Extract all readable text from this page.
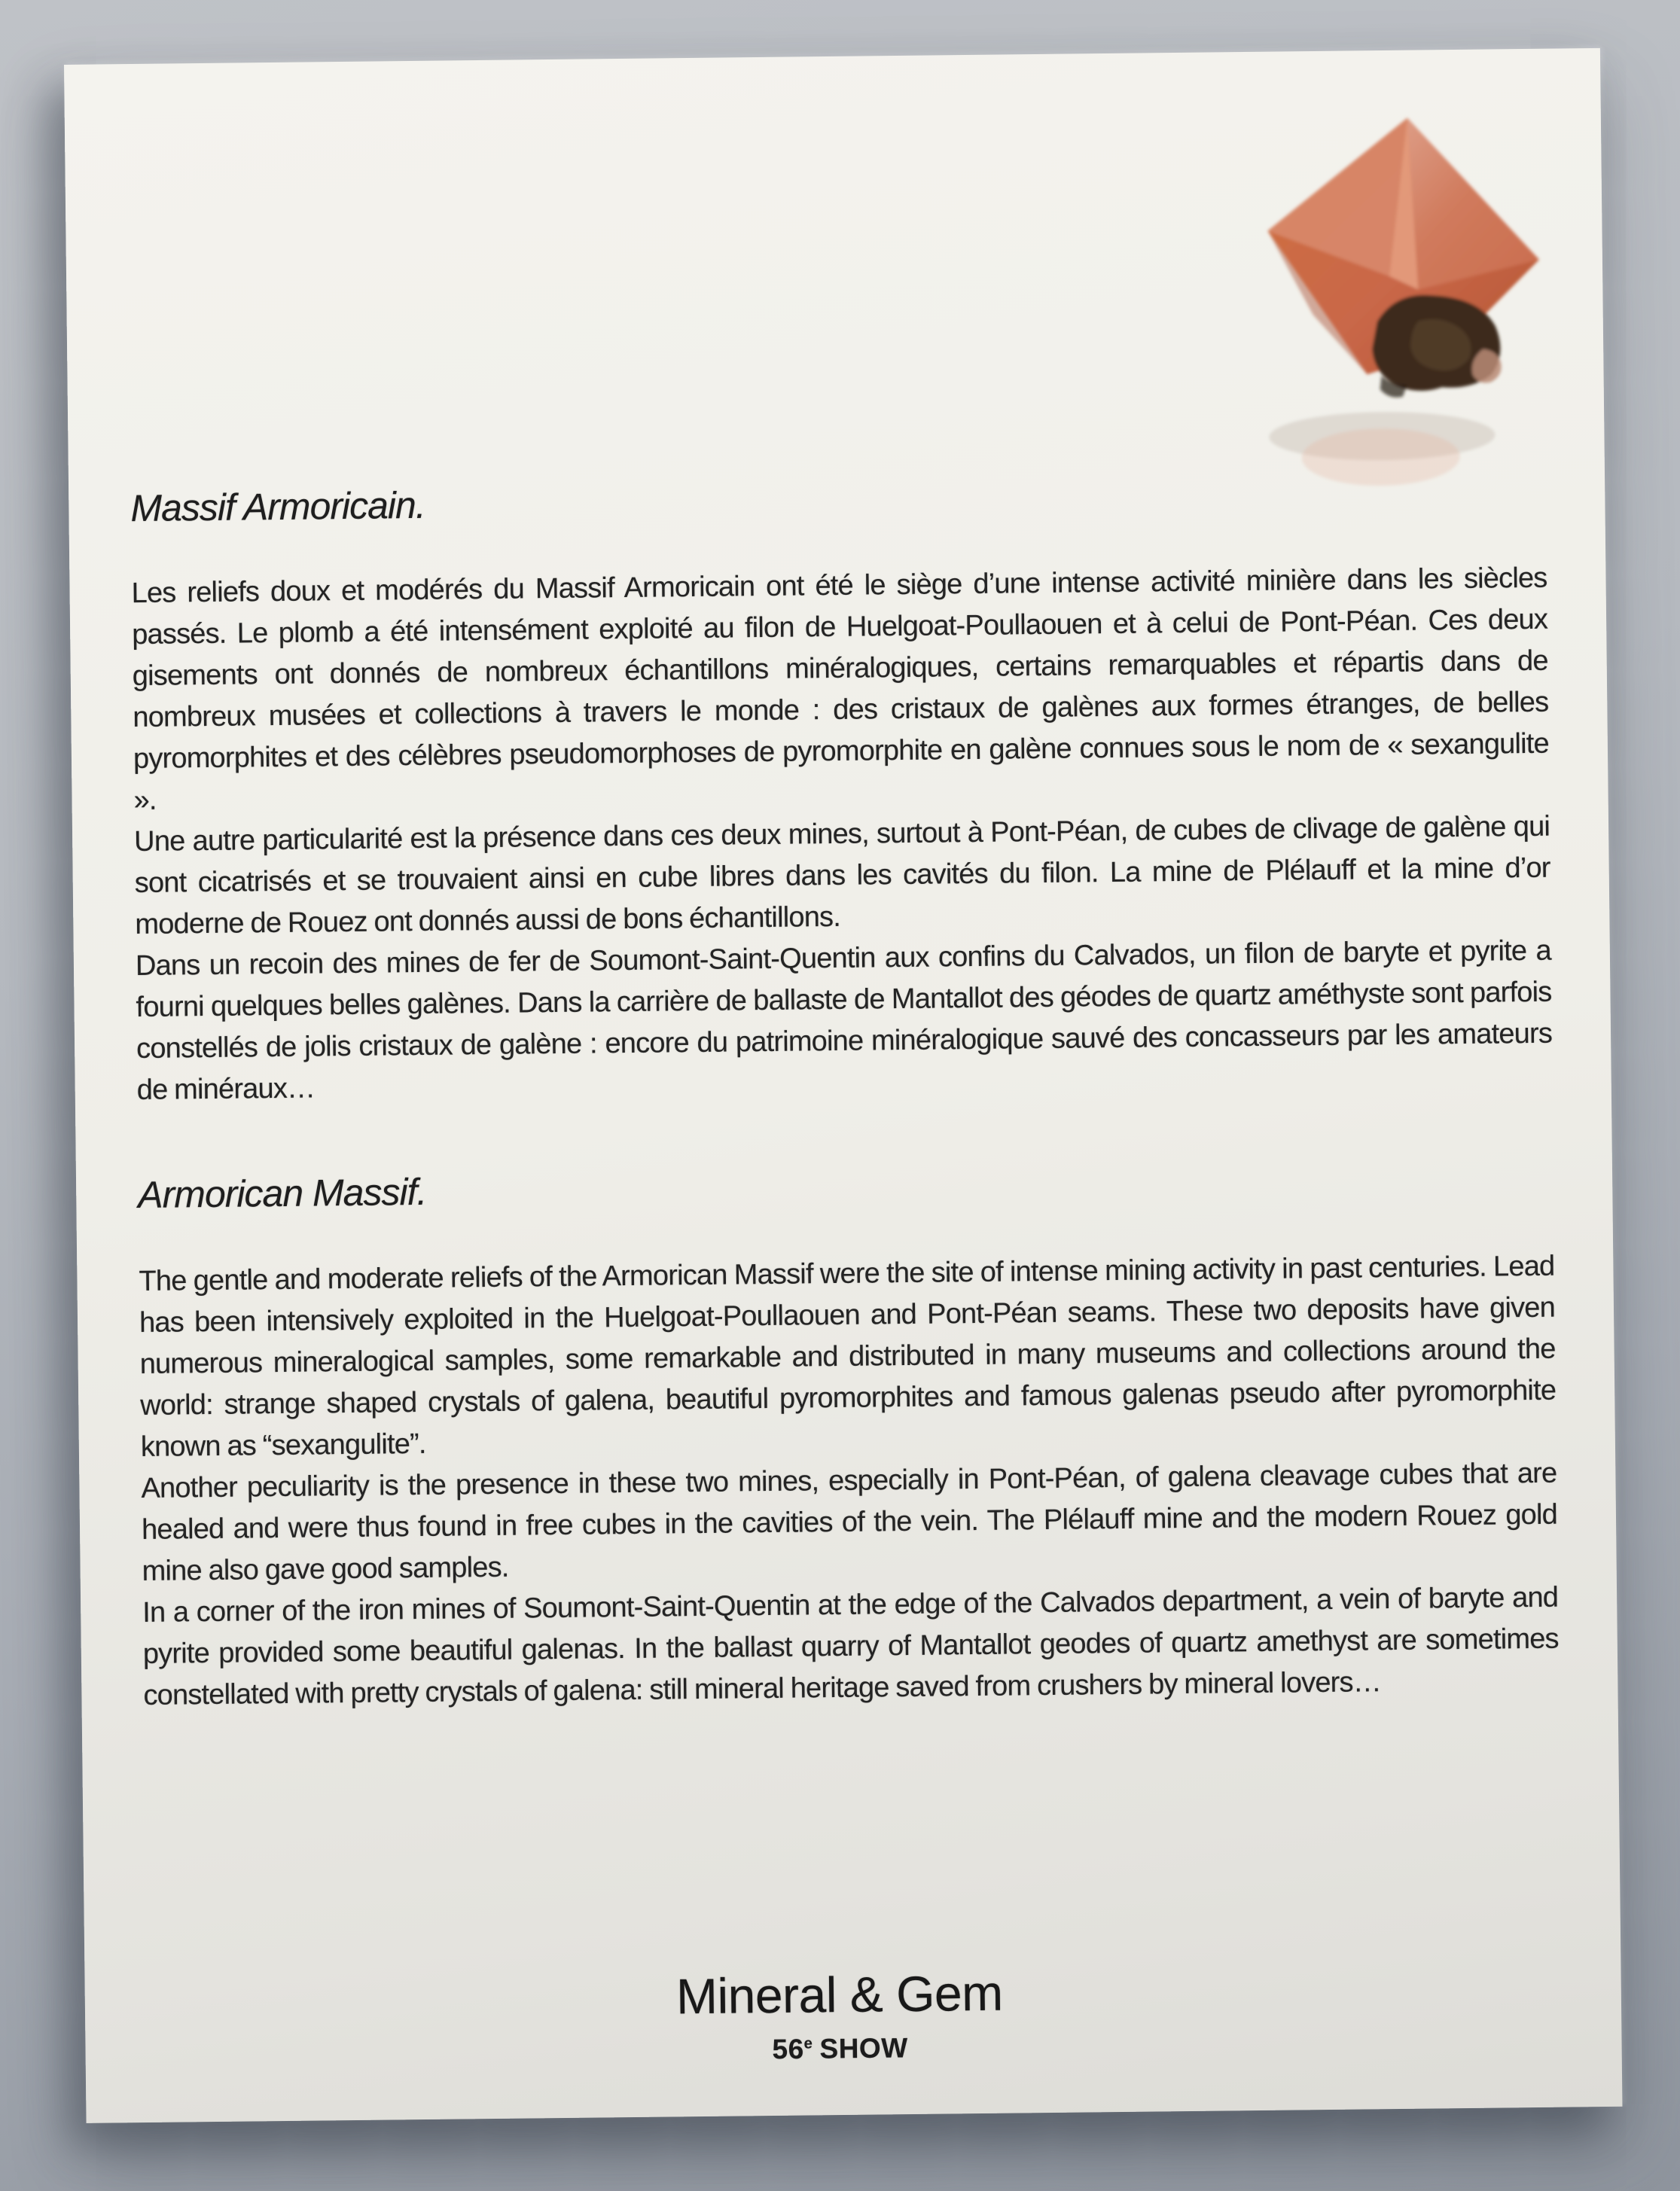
Massif Armoricain.

Les reliefs doux et modérés du Massif Armoricain ont été le siège d’une intense activité minière dans les siècles passés. Le plomb a été intensément exploité au filon de Huelgoat-Poullaouen et à celui de Pont-Péan. Ces deux gisements ont donnés de nombreux échantillons minéralogiques, certains remarquables et répartis dans de nombreux musées et collections à travers le monde : des cristaux de galènes aux formes étranges, de belles pyromorphites et des célèbres pseudomorphoses de pyromorphite en galène connues sous le nom de « sexangulite ».

Une autre particularité est la présence dans ces deux mines, surtout à Pont-Péan, de cubes de clivage de galène qui sont cicatrisés et se trouvaient ainsi en cube libres dans les cavités du filon. La mine de Plélauff et la mine d’or moderne de Rouez ont donnés aussi de bons échantillons.

Dans un recoin des mines de fer de Soumont-Saint-Quentin aux confins du Calvados, un filon de baryte et pyrite a fourni quelques belles galènes. Dans la carrière de ballaste de Mantallot des géodes de quartz améthyste sont parfois constellés de jolis cristaux de galène : encore du patrimoine minéralogique sauvé des concasseurs par les amateurs de minéraux…

Armorican Massif.

The gentle and moderate reliefs of the Armorican Massif were the site of intense mining activity in past centuries. Lead has been intensively exploited in the Huelgoat-Poullaouen and Pont-Péan seams. These two deposits have given numerous mineralogical samples, some remarkable and distributed in many museums and collections around the world: strange shaped crystals of galena, beautiful pyromorphites and famous galenas pseudo after pyromorphite known as “sexangulite”.

Another peculiarity is the presence in these two mines, especially in Pont-Péan, of galena cleavage cubes that are healed and were thus found in free cubes in the cavities of the vein. The Plélauff mine and the modern Rouez gold mine also gave good samples.

In a corner of the iron mines of Soumont-Saint-Quentin at the edge of the Calvados department, a vein of baryte and pyrite provided some beautiful galenas. In the ballast quarry of Mantallot geodes of quartz amethyst are sometimes constellated with pretty crystals of galena: still mineral heritage saved from crushers by mineral lovers…

Mineral & Gem
56e SHOW
